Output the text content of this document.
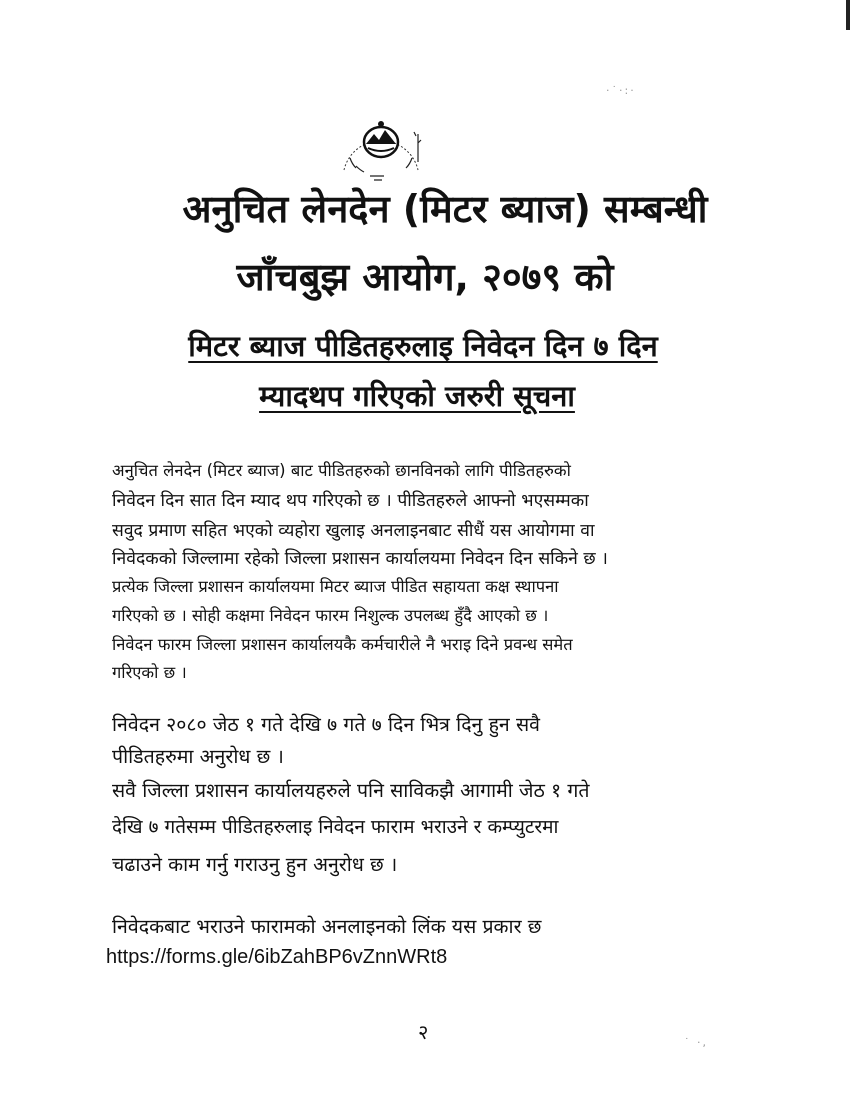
·˙·:·
˙ ·,
अनुचित लेनदेन (मिटर ब्याज) सम्बन्धी
जाँचबुझ आयोग, २०७९ को
मिटर ब्याज पीडितहरुलाइ निवेदन दिन ७ दिन
म्यादथप गरिएको जरुरी सूचना
अनुचित लेनदेन (मिटर ब्याज) बाट पीडितहरुको छानविनको लागि पीडितहरुको
निवेदन दिन सात दिन म्याद थप गरिएको छ । पीडितहरुले आफ्नो भएसम्मका
सवुद प्रमाण सहित भएको व्यहोरा खुलाइ अनलाइनबाट सीधैं यस आयोगमा वा
निवेदकको जिल्लामा रहेको जिल्ला प्रशासन कार्यालयमा निवेदन दिन सकिने छ ।
प्रत्येक जिल्ला प्रशासन कार्यालयमा मिटर ब्याज पीडित सहायता कक्ष स्थापना
गरिएको छ । सोही कक्षमा निवेदन फारम निशुल्क उपलब्ध हुँदै आएको छ ।
निवेदन फारम जिल्ला प्रशासन कार्यालयकै कर्मचारीले नै भराइ दिने प्रवन्ध समेत
गरिएको छ ।
निवेदन २०८० जेठ १ गते देखि ७ गते ७ दिन भित्र दिनु हुन सवै
पीडितहरुमा अनुरोध छ ।
सवै जिल्ला प्रशासन कार्यालयहरुले पनि साविकझै आगामी जेठ १ गते
देखि ७ गतेसम्म पीडितहरुलाइ निवेदन फाराम भराउने र कम्प्युटरमा
चढाउने काम गर्नु गराउनु हुन अनुरोध छ ।
निवेदकबाट भराउने फारामको अनलाइनको लिंक यस प्रकार छ
https://forms.gle/6ibZahBP6vZnnWRt8
२
